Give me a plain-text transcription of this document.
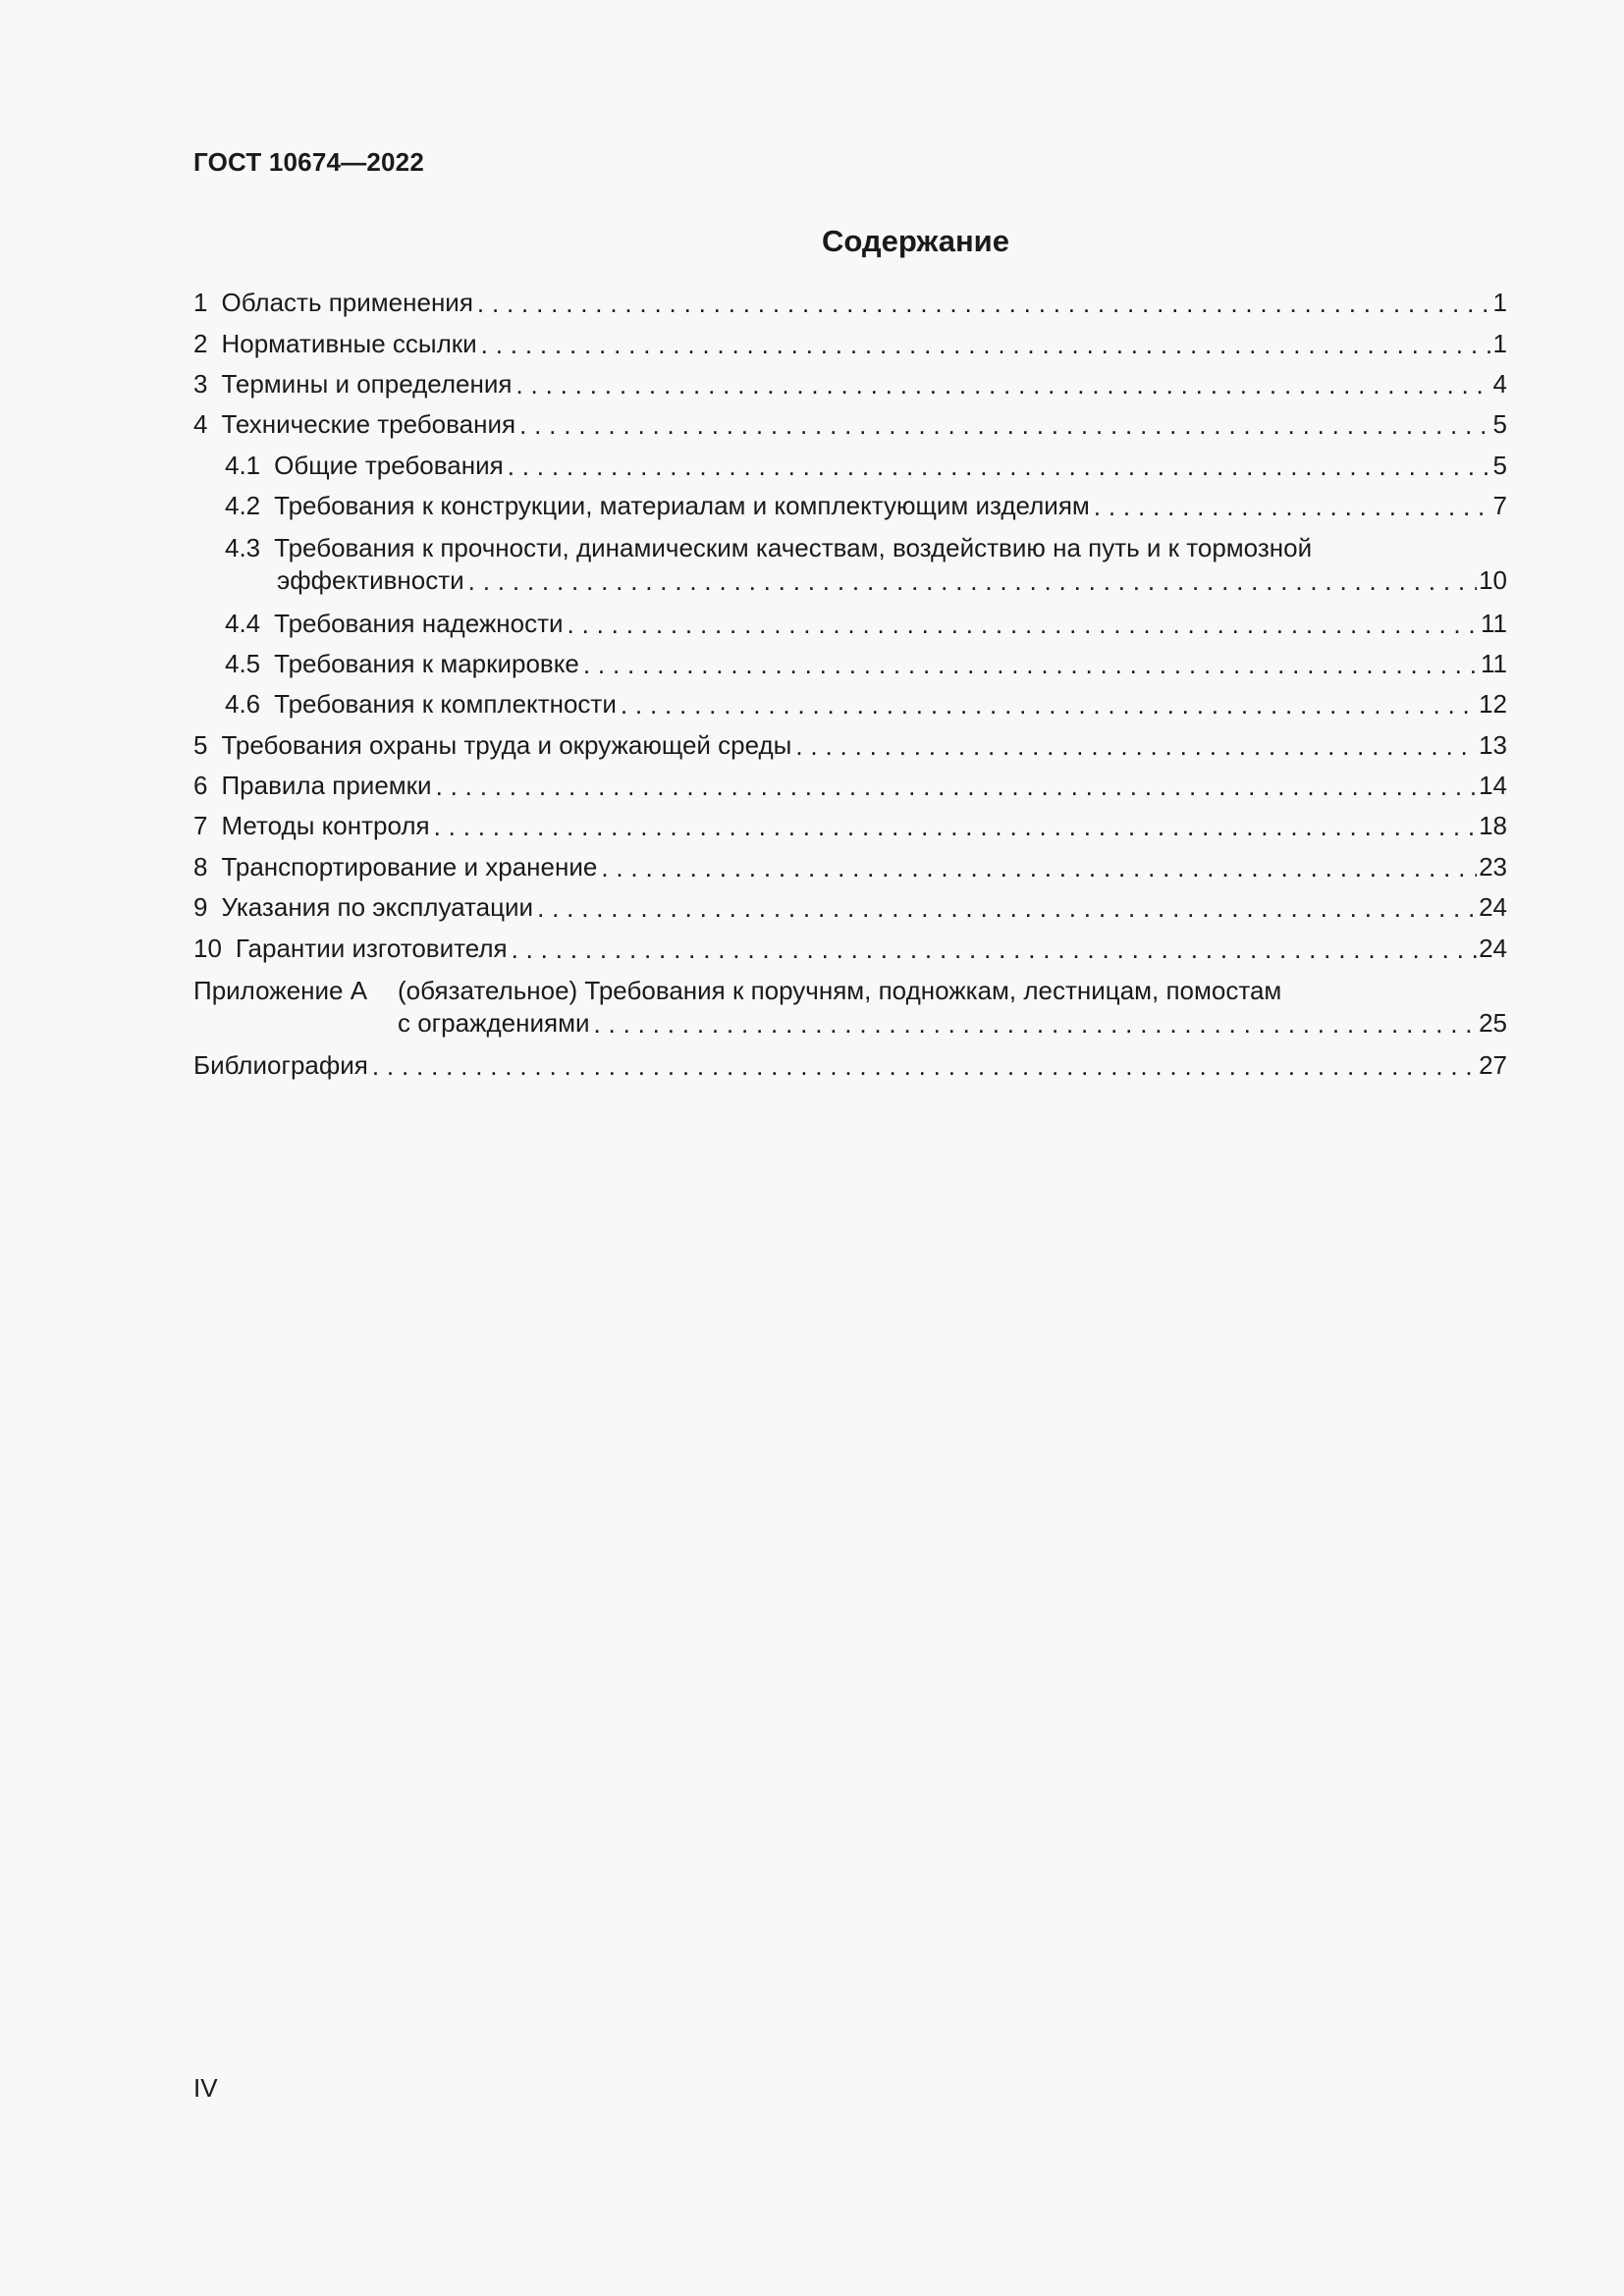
ГОСТ 10674—2022
Содержание
1 Область применения . . .	1
2 Нормативные ссылки . . .	1
3 Термины и определения . . .	4
4 Технические требования . . .	5
4.1 Общие требования . . .	5
4.2 Требования к конструкции, материалам и комплектующим изделиям . . .	7
4.3 Требования к прочности, динамическим качествам, воздействию на путь и к тормозной
эффективности . . .	10
4.4 Требования надежности . . .	11
4.5 Требования к маркировке . . .	11
4.6 Требования к комплектности . . .	12
5 Требования охраны труда и окружающей среды . . .	13
6 Правила приемки . . .	14
7 Методы контроля . . .	18
8 Транспортирование и хранение . . .	23
9 Указания по эксплуатации . . .	24
10 Гарантии изготовителя . . .	24
Приложение А	(обязательное) Требования к поручням, подножкам, лестницам, помостам
с ограждениями . . .	25
Библиография . . .	27
IV
